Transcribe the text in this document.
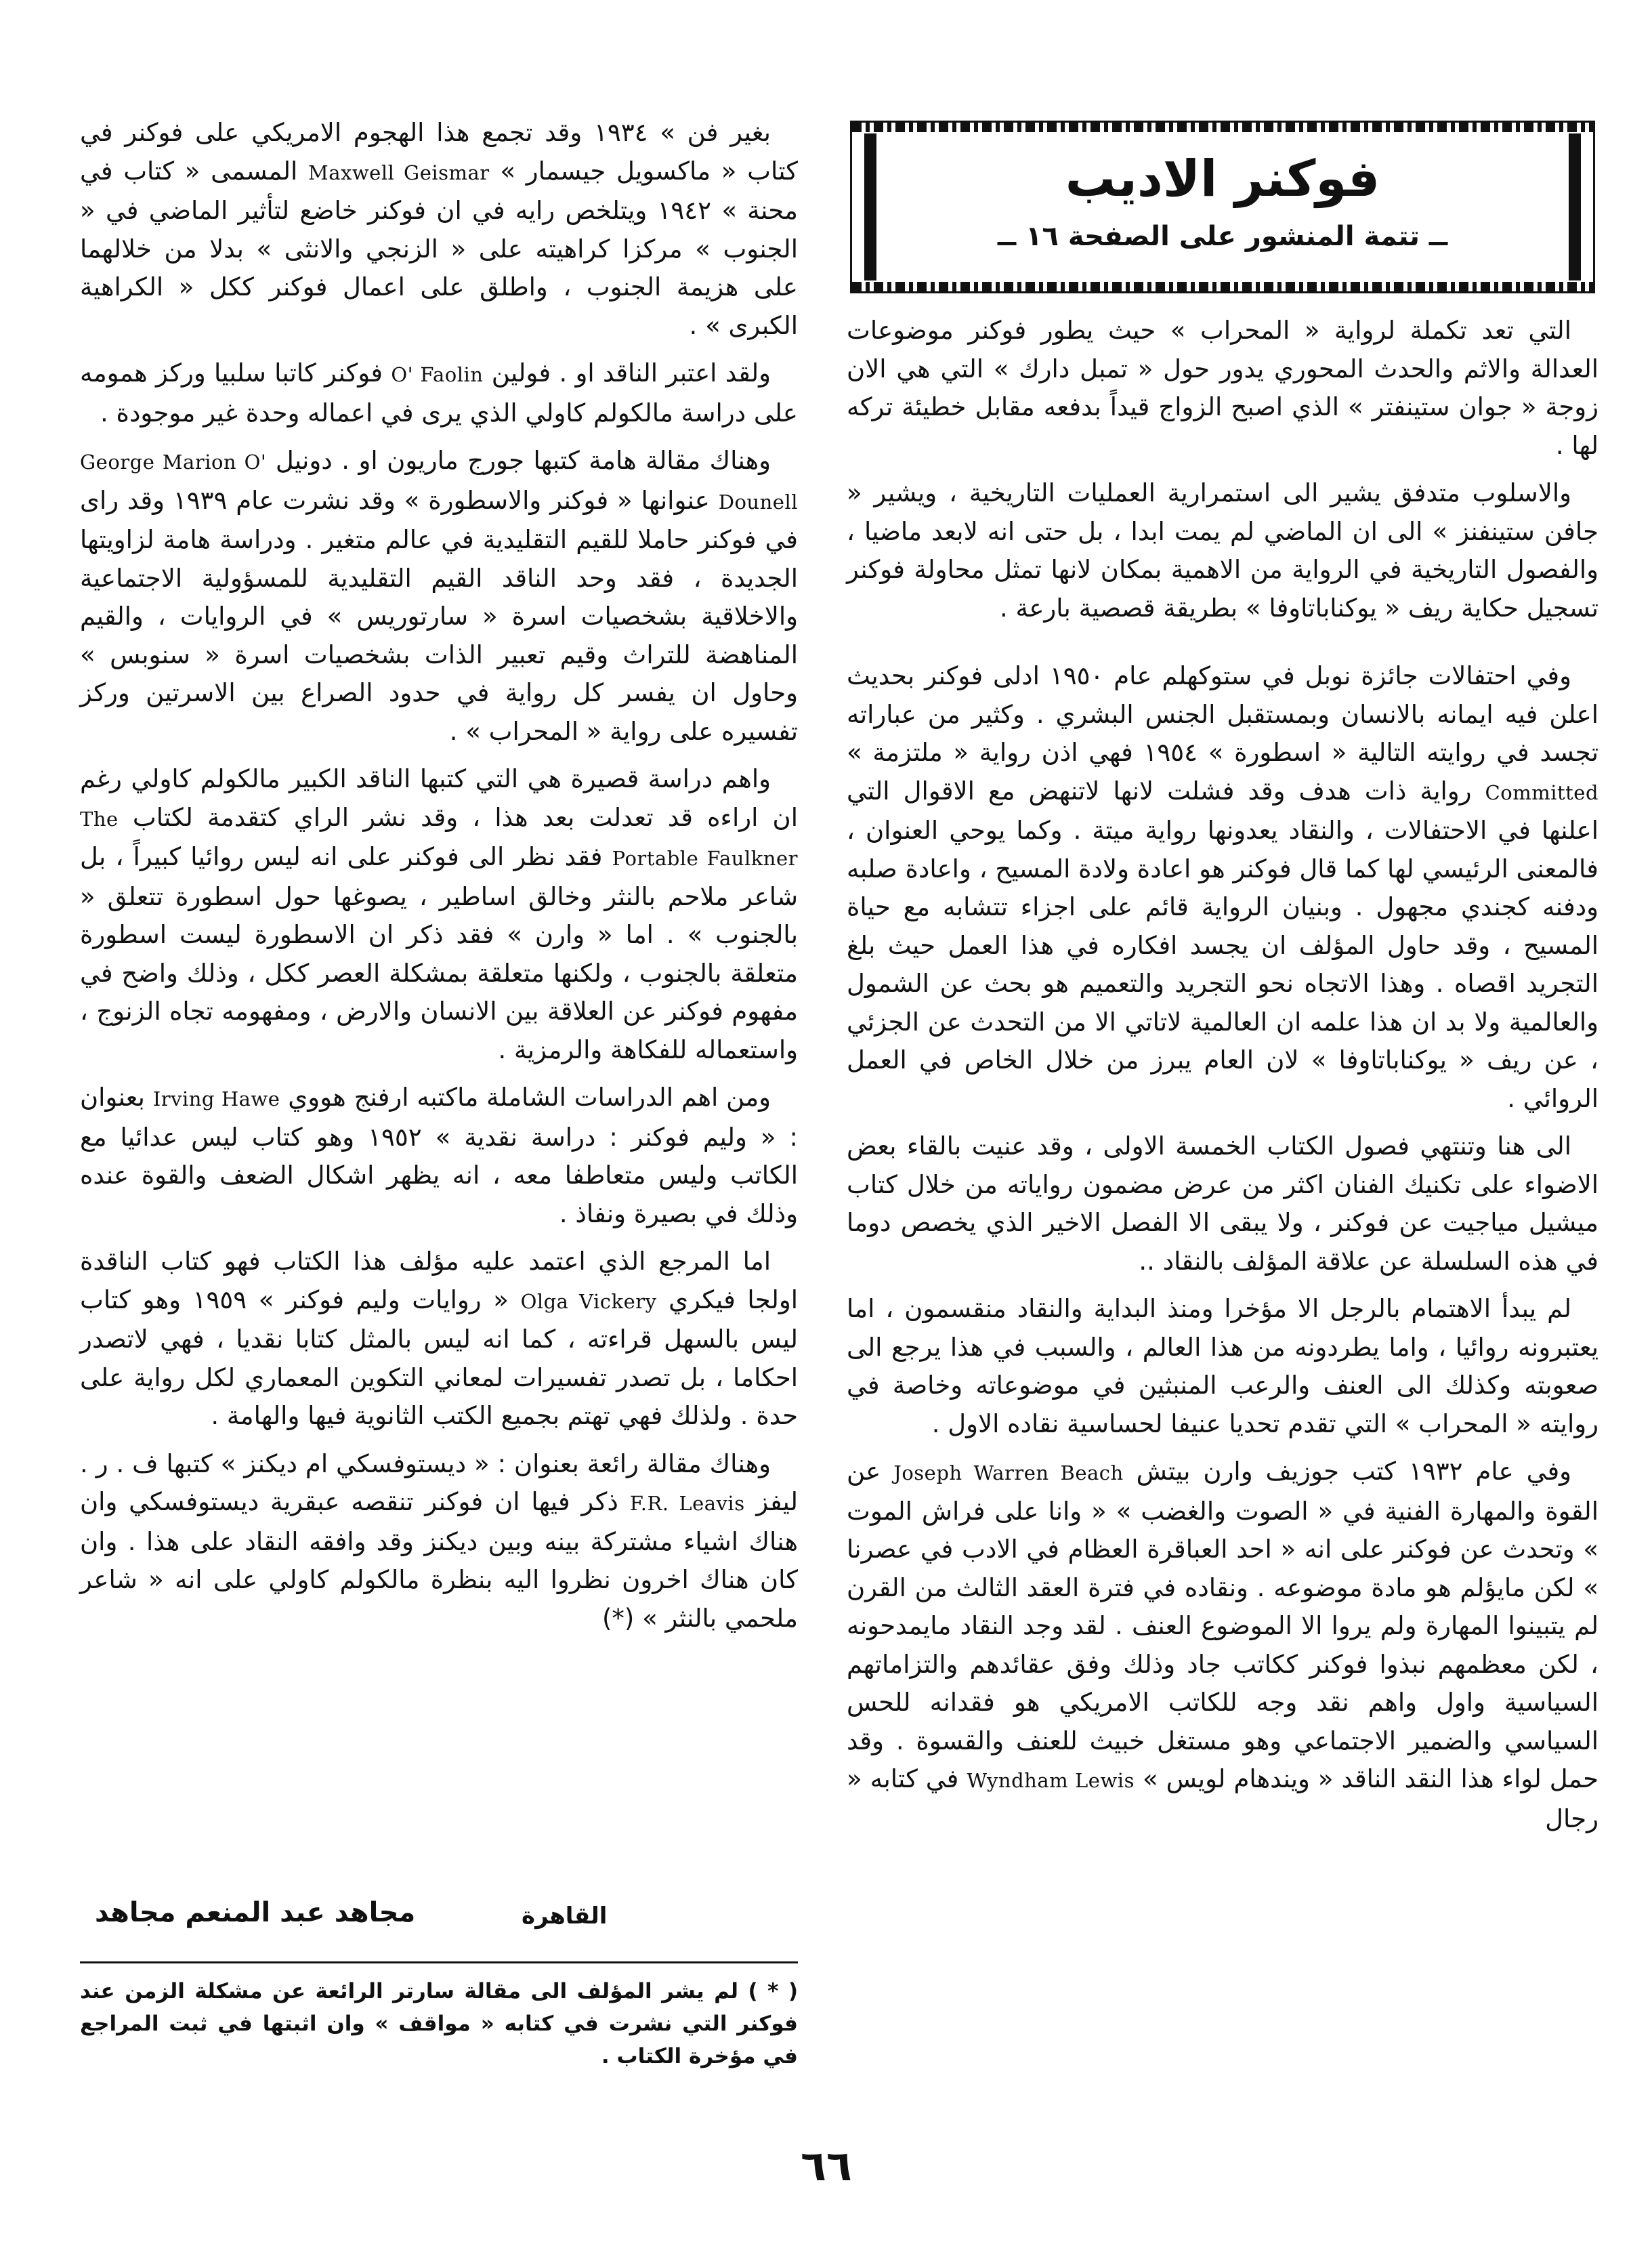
فوكنر الاديب
ــ تتمة المنشور على الصفحة ١٦ ــ

التي تعد تكملة لرواية « المحراب » حيث يطور فوكنر موضوعات العدالة والاثم والحدث المحوري يدور حول « تمبل دارك » التي هي الان زوجة « جوان ستينفتر » الذي اصبح الزواج قيداً بدفعه مقابل خطيئة تركه لها .

والاسلوب متدفق يشير الى استمرارية العمليات التاريخية ، ويشير « جافن ستينفنز » الى ان الماضي لم يمت ابدا ، بل حتى انه لابعد ماضيا ، والفصول التاريخية في الرواية من الاهمية بمكان لانها تمثل محاولة فوكنر تسجيل حكاية ريف « يوكناباتاوفا » بطريقة قصصية بارعة .

وفي احتفالات جائزة نوبل في ستوكهلم عام ١٩٥٠ ادلى فوكنر بحديث اعلن فيه ايمانه بالانسان وبمستقبل الجنس البشري . وكثير من عباراته تجسد في روايته التالية « اسطورة » ١٩٥٤ فهي اذن رواية « ملتزمة » Committed رواية ذات هدف وقد فشلت لانها لاتنهض مع الاقوال التي اعلنها في الاحتفالات ، والنقاد يعدونها رواية ميتة . وكما يوحي العنوان ، فالمعنى الرئيسي لها كما قال فوكنر هو اعادة ولادة المسيح ، واعادة صلبه ودفنه كجندي مجهول . وبنيان الرواية قائم على اجزاء تتشابه مع حياة المسيح ، وقد حاول المؤلف ان يجسد افكاره في هذا العمل حيث بلغ التجريد اقصاه . وهذا الاتجاه نحو التجريد والتعميم هو بحث عن الشمول والعالمية ولا بد ان هذا علمه ان العالمية لاتاتي الا من التحدث عن الجزئي ، عن ريف « يوكناباتاوفا » لان العام يبرز من خلال الخاص في العمل الروائي .

الى هنا وتنتهي فصول الكتاب الخمسة الاولى ، وقد عنيت بالقاء بعض الاضواء على تكنيك الفنان اكثر من عرض مضمون رواياته من خلال كتاب ميشيل مياجيت عن فوكنر ، ولا يبقى الا الفصل الاخير الذي يخصص دوما في هذه السلسلة عن علاقة المؤلف بالنقاد ..

لم يبدأ الاهتمام بالرجل الا مؤخرا ومنذ البداية والنقاد منقسمون ، اما يعتبرونه روائيا ، واما يطردونه من هذا العالم ، والسبب في هذا يرجع الى صعوبته وكذلك الى العنف والرعب المنبثين في موضوعاته وخاصة في روايته « المحراب » التي تقدم تحديا عنيفا لحساسية نقاده الاول .

وفي عام ١٩٣٢ كتب جوزيف وارن بيتش Joseph Warren Beach عن القوة والمهارة الفنية في « الصوت والغضب » « وانا على فراش الموت » وتحدث عن فوكنر على انه « احد العباقرة العظام في الادب في عصرنا » لكن مايؤلم هو مادة موضوعه . ونقاده في فترة العقد الثالث من القرن لم يتبينوا المهارة ولم يروا الا الموضوع العنف . لقد وجد النقاد مايمدحونه ، لكن معظمهم نبذوا فوكنر ككاتب جاد وذلك وفق عقائدهم والتزاماتهم السياسية واول واهم نقد وجه للكاتب الامريكي هو فقدانه للحس السياسي والضمير الاجتماعي وهو مستغل خبيث للعنف والقسوة . وقد حمل لواء هذا النقد الناقد « ويندهام لويس » Wyndham Lewis في كتابه « رجال

بغير فن » ١٩٣٤ وقد تجمع هذا الهجوم الامريكي على فوكنر في كتاب « ماكسويل جيسمار » Maxwell Geismar المسمى « كتاب في محنة » ١٩٤٢ ويتلخص رايه في ان فوكنر خاضع لتأثير الماضي في « الجنوب » مركزا كراهيته على « الزنجي والانثى » بدلا من خلالهما على هزيمة الجنوب ، واطلق على اعمال فوكنر ككل « الكراهية الكبرى » .

ولقد اعتبر الناقد او . فولين O' Faolin فوكنر كاتبا سلبيا وركز همومه على دراسة مالكولم كاولي الذي يرى في اعماله وحدة غير موجودة .

وهناك مقالة هامة كتبها جورج ماريون او . دونيل George Marion O' Dounell عنوانها « فوكنر والاسطورة » وقد نشرت عام ١٩٣٩ وقد راى في فوكنر حاملا للقيم التقليدية في عالم متغير . ودراسة هامة لزاويتها الجديدة ، فقد وحد الناقد القيم التقليدية للمسؤولية الاجتماعية والاخلاقية بشخصيات اسرة « سارتوريس » في الروايات ، والقيم المناهضة للتراث وقيم تعبير الذات بشخصيات اسرة « سنوبس » وحاول ان يفسر كل رواية في حدود الصراع بين الاسرتين وركز تفسيره على رواية « المحراب » .

واهم دراسة قصيرة هي التي كتبها الناقد الكبير مالكولم كاولي رغم ان اراءه قد تعدلت بعد هذا ، وقد نشر الراي كتقدمة لكتاب The Portable Faulkner فقد نظر الى فوكنر على انه ليس روائيا كبيراً ، بل شاعر ملاحم بالنثر وخالق اساطير ، يصوغها حول اسطورة تتعلق « بالجنوب » . اما « وارن » فقد ذكر ان الاسطورة ليست اسطورة متعلقة بالجنوب ، ولكنها متعلقة بمشكلة العصر ككل ، وذلك واضح في مفهوم فوكنر عن العلاقة بين الانسان والارض ، ومفهومه تجاه الزنوج ، واستعماله للفكاهة والرمزية .

ومن اهم الدراسات الشاملة ماكتبه ارفنج هووي Irving Hawe بعنوان : « وليم فوكنر : دراسة نقدية » ١٩٥٢ وهو كتاب ليس عدائيا مع الكاتب وليس متعاطفا معه ، انه يظهر اشكال الضعف والقوة عنده وذلك في بصيرة ونفاذ .

اما المرجع الذي اعتمد عليه مؤلف هذا الكتاب فهو كتاب الناقدة اولجا فيكري Olga Vickery « روايات وليم فوكنر » ١٩٥٩ وهو كتاب ليس بالسهل قراءته ، كما انه ليس بالمثل كتابا نقديا ، فهي لاتصدر احكاما ، بل تصدر تفسيرات لمعاني التكوين المعماري لكل رواية على حدة . ولذلك فهي تهتم بجميع الكتب الثانوية فيها والهامة .

وهناك مقالة رائعة بعنوان : « ديستوفسكي ام ديكنز » كتبها ف . ر . ليفز F.R. Leavis ذكر فيها ان فوكنر تنقصه عبقرية ديستوفسكي وان هناك اشياء مشتركة بينه وبين ديكنز وقد وافقه النقاد على هذا . وان كان هناك اخرون نظروا اليه بنظرة مالكولم كاولي على انه « شاعر ملحمي بالنثر » (*)

القاهرة
مجاهد عبد المنعم مجاهد
( * ) لم يشر المؤلف الى مقالة سارتر الرائعة عن مشكلة الزمن عند فوكنر التي نشرت في كتابه « مواقف » وان اثبتها في ثبت المراجع في مؤخرة الكتاب .
٦٦
